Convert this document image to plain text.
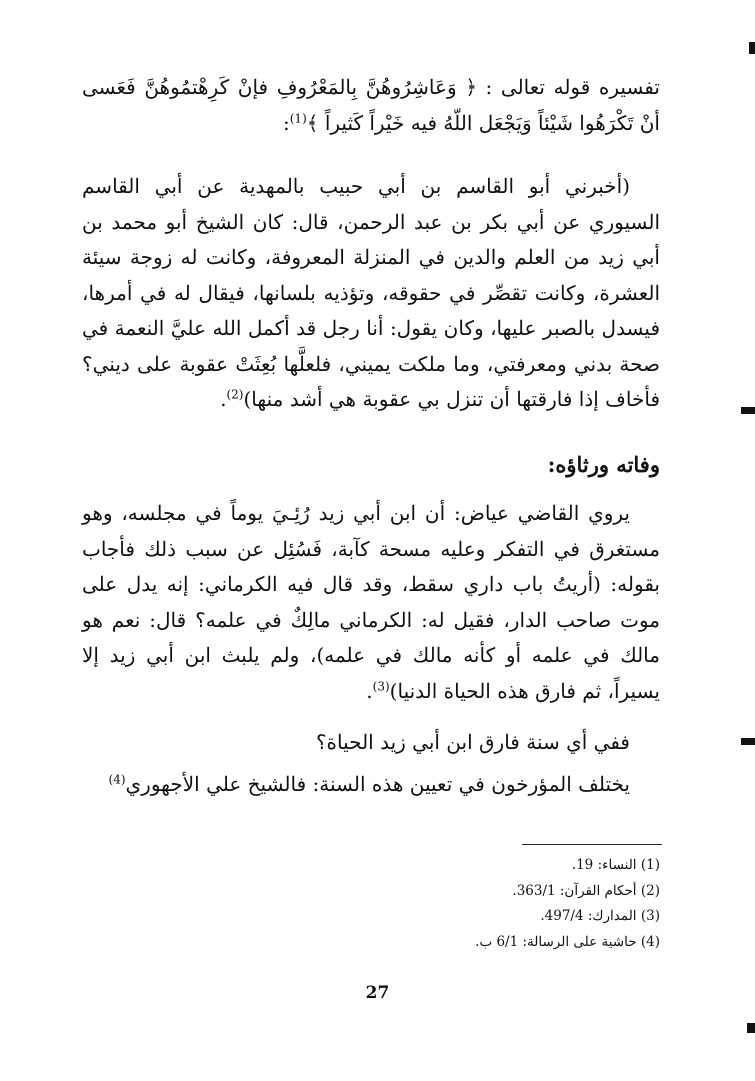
تفسيره قوله تعالى : ﴿ وَعَاشِرُوهُنَّ بِالمَعْرُوفِ فإنْ كَرِهْتمُوهُنَّ فَعَسى أنْ تَكْرَهُوا شَيْئاً وَيَجْعَل اللّهُ فيه خَيْراً كَثيراً ﴾$^{(1)}$:

(أخبرني أبو القاسم بن أبي حبيب بالمهدية عن أبي القاسم السيوري عن أبي بكر بن عبد الرحمن، قال: كان الشيخ أبو محمد بن أبي زيد من العلم والدين في المنزلة المعروفة، وكانت له زوجة سيئة العشرة، وكانت تقصِّر في حقوقه، وتؤذيه بلسانها، فيقال له في أمرها، فيسدل بالصبر عليها، وكان يقول: أنا رجل قد أكمل الله عليَّ النعمة في صحة بدني ومعرفتي، وما ملكت يميني، فلعلَّها بُعِثَتْ عقوبة على ديني؟ فأخاف إذا فارقتها أن تنزل بي عقوبة هي أشد منها)$^{(2)}$.

وفاته ورثاؤه:

يروي القاضي عياض: أن ابن أبي زيد رُئِـيَ يوماً في مجلسه، وهو مستغرق في التفكر وعليه مسحة كآبة، فَسُئِل عن سبب ذلك فأجاب بقوله: (أريتُ باب داري سقط، وقد قال فيه الكرماني: إنه يدل على موت صاحب الدار، فقيل له: الكرماني مالِكٌ في علمه؟ قال: نعم هو مالك في علمه أو كأنه مالك في علمه)، ولم يلبث ابن أبي زيد إلا يسيراً، ثم فارق هذه الحياة الدنيا)$^{(3)}$.

ففي أي سنة فارق ابن أبي زيد الحياة؟

يختلف المؤرخون في تعيين هذه السنة: فالشيخ علي الأجهوري$^{(4)}$

(1) النساء: 19.

(2) أحكام القرآن: 363/1.

(3) المدارك: 497/4.

(4) حاشية على الرسالة: 6/1 ب.

27
